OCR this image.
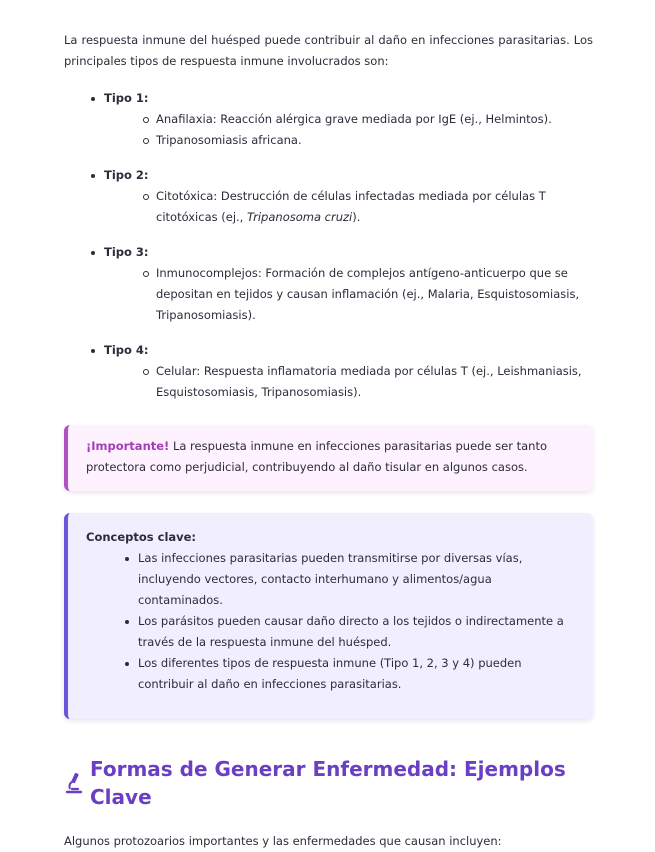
La respuesta inmune del huésped puede contribuir al daño en infecciones parasitarias. Los principales tipos de respuesta inmune involucrados son:

Tipo 1:
Anafilaxia: Reacción alérgica grave mediada por IgE (ej., Helmintos).
Tripanosomiasis africana.
Tipo 2:
Citotóxica: Destrucción de células infectadas mediada por células T citotóxicas (ej., Tripanosoma cruzi).
Tipo 3:
Inmunocomplejos: Formación de complejos antígeno-anticuerpo que se depositan en tejidos y causan inflamación (ej., Malaria, Esquistosomiasis, Tripanosomiasis).
Tipo 4:
Celular: Respuesta inflamatoria mediada por células T (ej., Leishmaniasis, Esquistosomiasis, Tripanosomiasis).
¡Importante! La respuesta inmune en infecciones parasitarias puede ser tanto protectora como perjudicial, contribuyendo al daño tisular en algunos casos.
Conceptos clave:
Las infecciones parasitarias pueden transmitirse por diversas vías, incluyendo vectores, contacto interhumano y alimentos/agua contaminados.
Los parásitos pueden causar daño directo a los tejidos o indirectamente a través de la respuesta inmune del huésped.
Los diferentes tipos de respuesta inmune (Tipo 1, 2, 3 y 4) pueden contribuir al daño en infecciones parasitarias.
Formas de Generar Enfermedad: Ejemplos Clave

Algunos protozoarios importantes y las enfermedades que causan incluyen:
